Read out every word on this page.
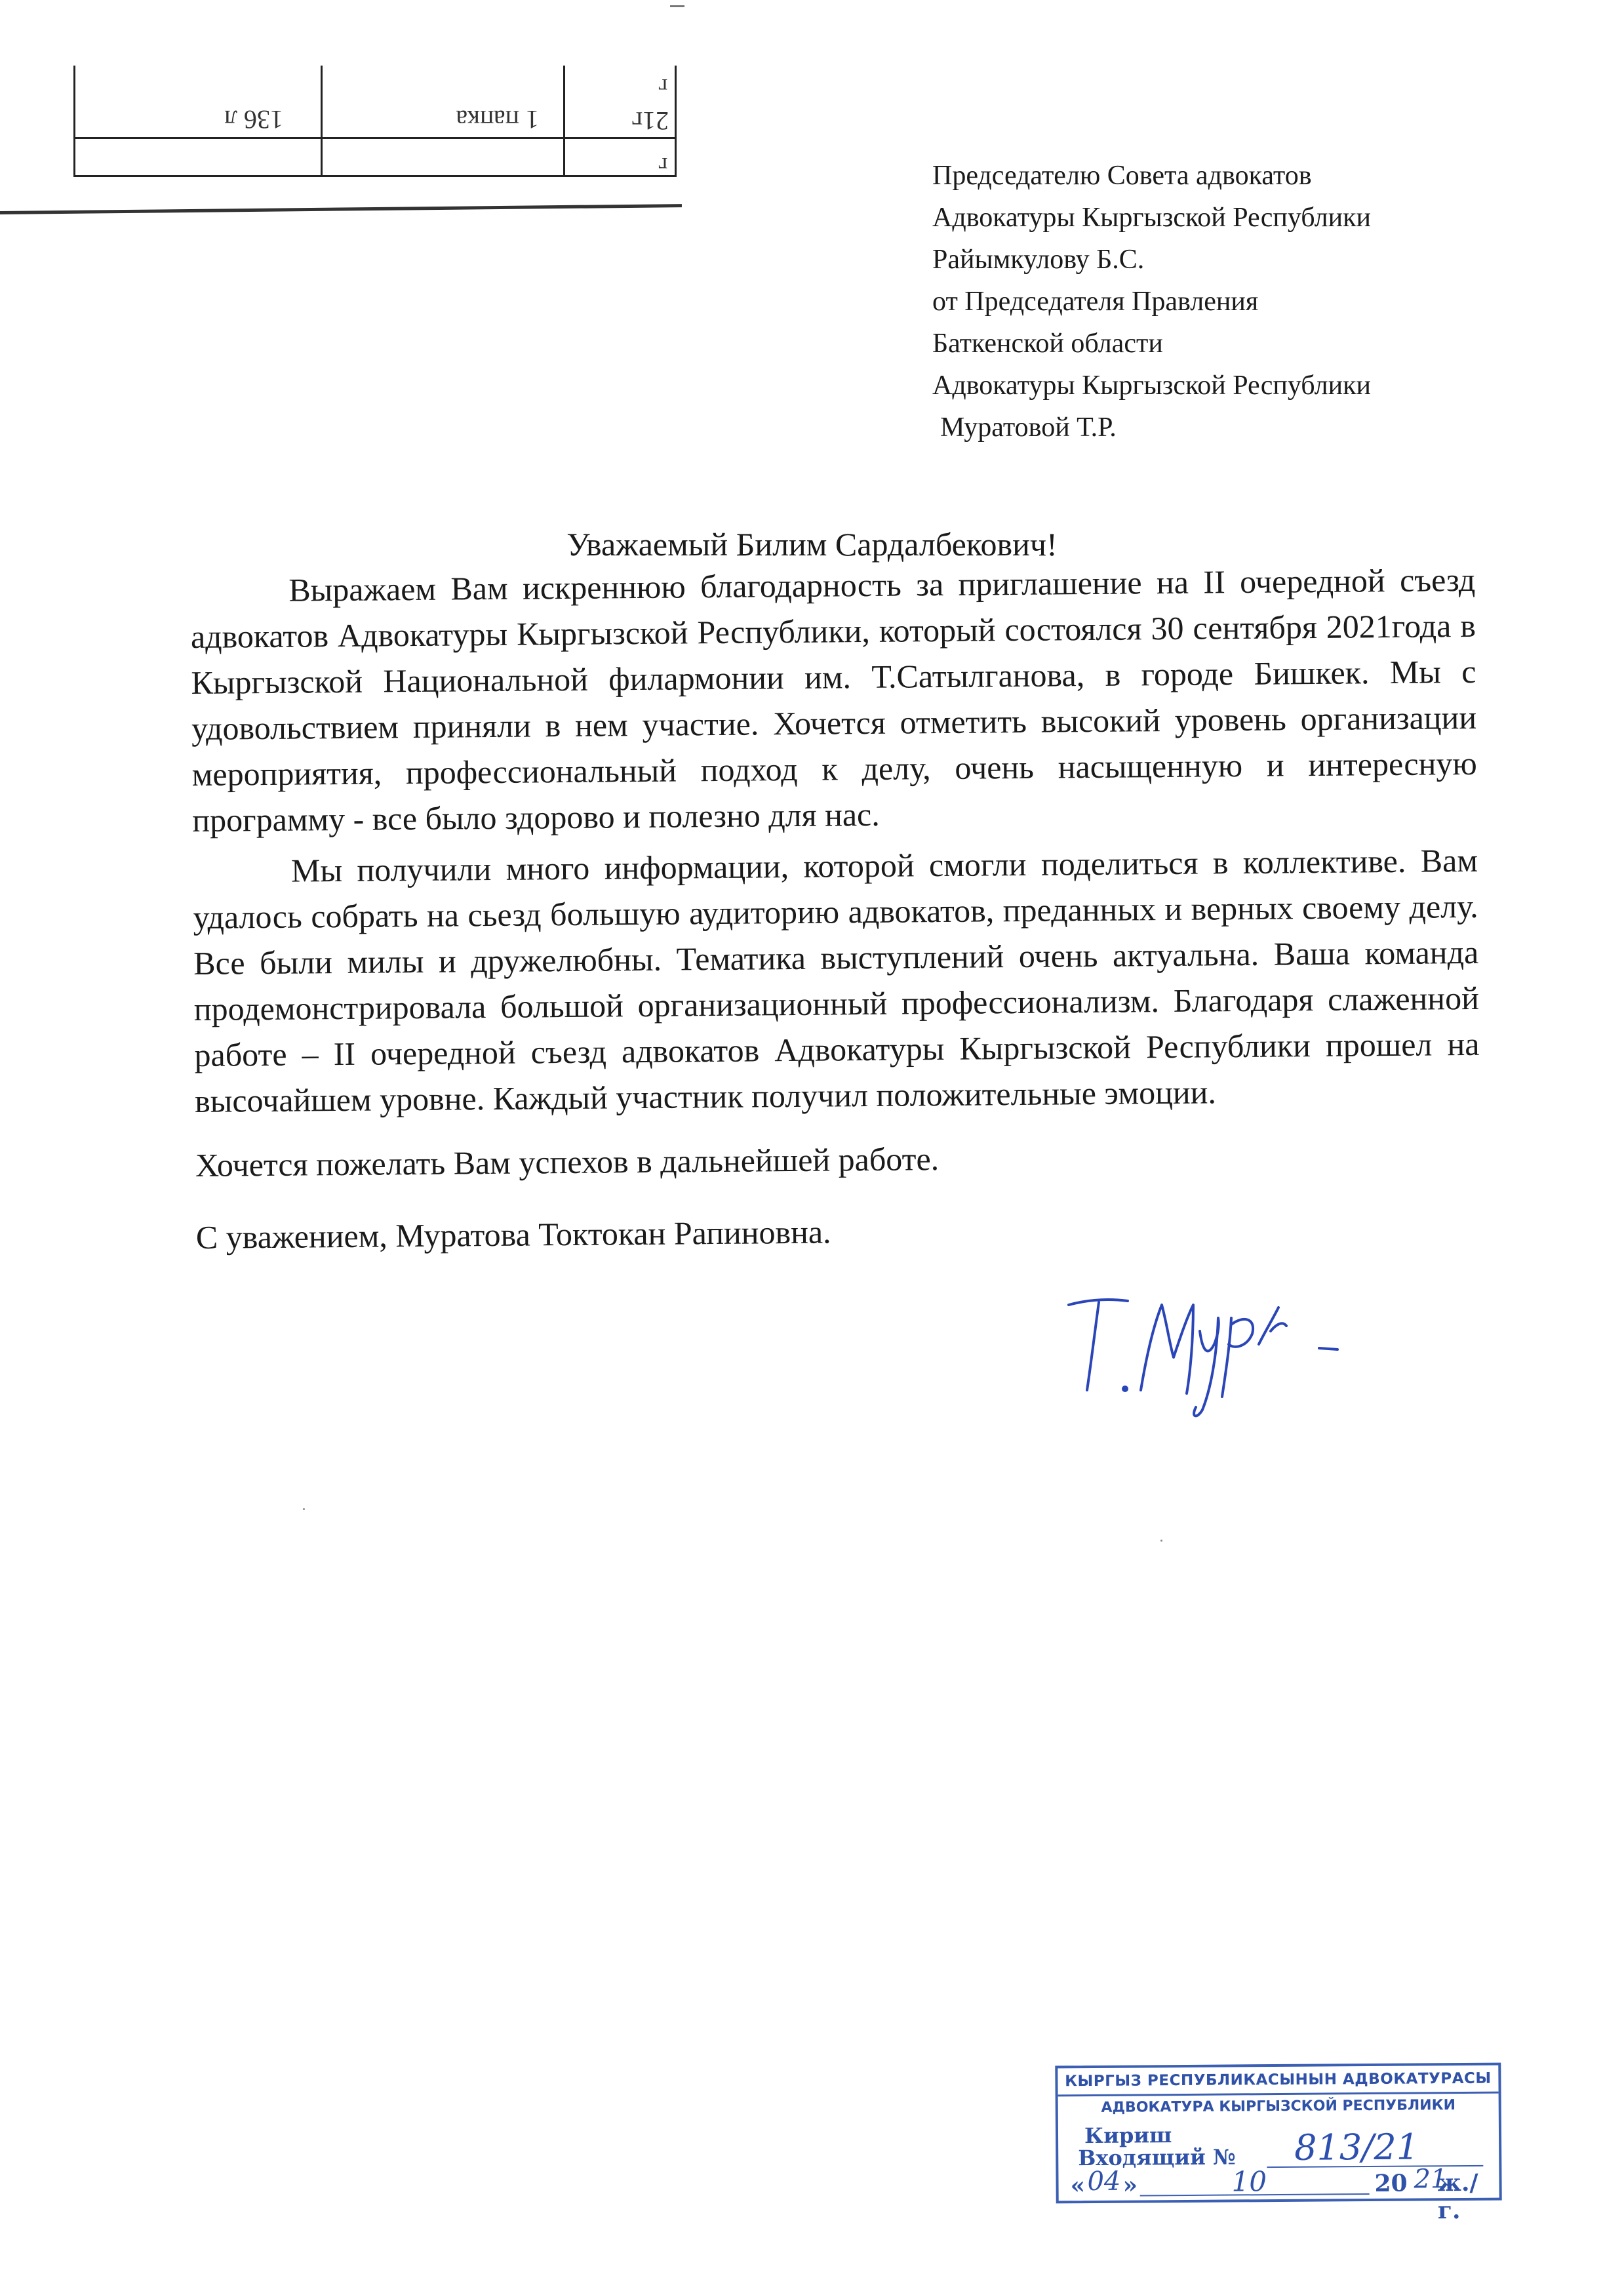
г
21г
г
1 папка
136 л
Председателю Совета адвокатов
Адвокатуры Кыргызской Республики
Райымкулову Б.С.
от Председателя Правления
Баткенской области
Адвокатуры Кыргызской Республики
Муратовой Т.Р.
Уважаемый Билим Сардалбекович!

Выражаем Вам искреннюю благодарность за приглашение на II очередной съезд адвокатов Адвокатуры Кыргызской Республики, который состоялся 30 сентября 2021года в Кыргызской Национальной филармонии им. Т.Сатылганова, в городе Бишкек. Мы с удовольствием приняли в нем участие. Хочется отметить высокий уровень организации мероприятия, профессиональный подход к делу, очень насыщенную и интересную программу - все было здорово и полезно для нас.

Мы получили много информации, которой смогли поделиться в коллективе. Вам удалось собрать на сьезд большую аудиторию адвокатов, преданных и верных своему делу. Все были милы и дружелюбны. Тематика выступлений очень актуальна. Ваша команда продемонстрировала большой организационный профессионализм. Благодаря слаженной работе – II очередной съезд адвокатов Адвокатуры Кыргызской Республики прошел на высочайшем уровне. Каждый участник получил положительные эмоции.

Хочется пожелать Вам успехов в дальнейшей работе.

С уважением, Муратова Токтокан Рапиновна.

КЫРГЫЗ РЕСПУБЛИКАСЫНЫН АДВОКАТУРАСЫ
АДВОКАТУРА КЫРГЫЗСКОЙ РЕСПУБЛИКИ
Кириш
Входящий № 813/21
« 04 »	10	20 21
ж./г.
